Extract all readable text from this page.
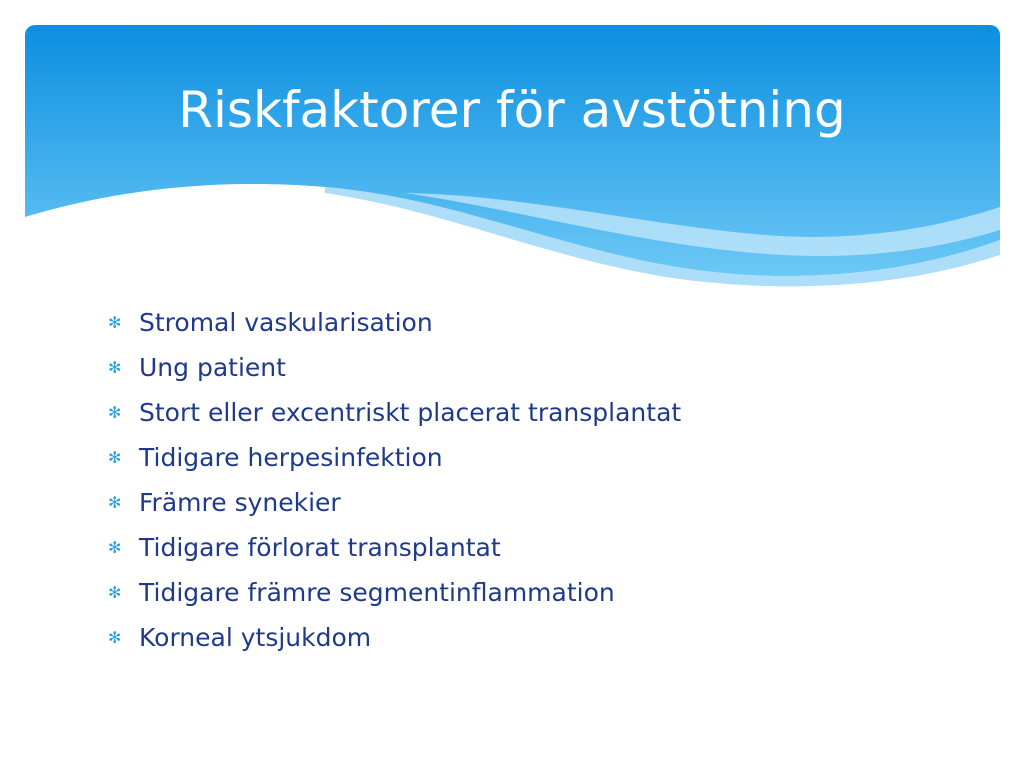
Riskfaktorer för avstötning
✻ Stromal vaskularisation
✻ Ung patient
✻ Stort eller excentriskt placerat transplantat
✻ Tidigare herpesinfektion
✻ Främre synekier
✻ Tidigare förlorat transplantat
✻ Tidigare främre segmentinflammation
✻ Korneal ytsjukdom
